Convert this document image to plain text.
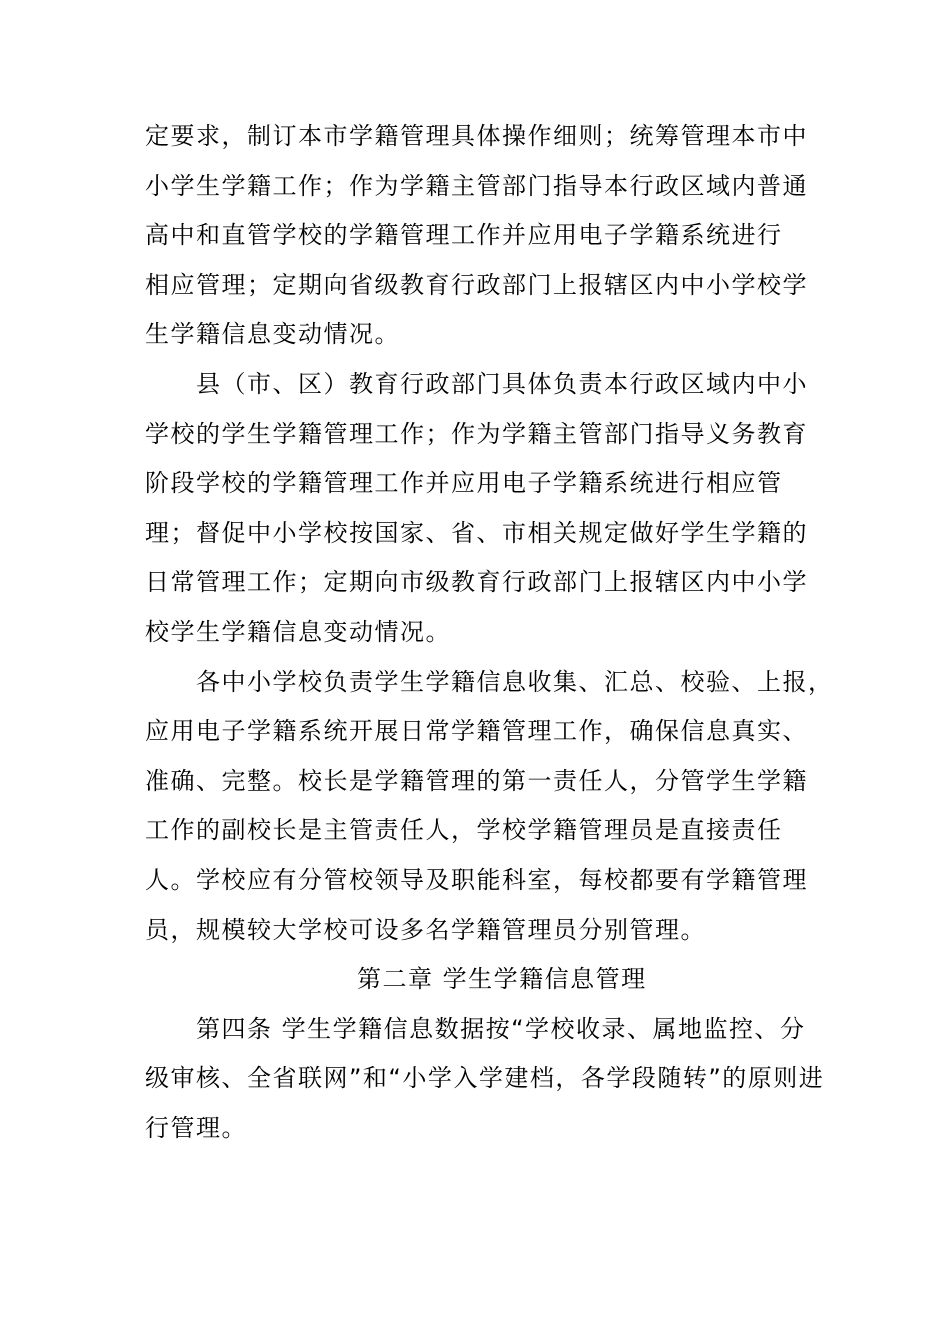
定要求，制订本市学籍管理具体操作细则；统筹管理本市中
小学生学籍工作；作为学籍主管部门指导本行政区域内普通
高中和直管学校的学籍管理工作并应用电子学籍系统进行
相应管理；定期向省级教育行政部门上报辖区内中小学校学
生学籍信息变动情况。
县（市、区）教育行政部门具体负责本行政区域内中小
学校的学生学籍管理工作；作为学籍主管部门指导义务教育
阶段学校的学籍管理工作并应用电子学籍系统进行相应管
理；督促中小学校按国家、省、市相关规定做好学生学籍的
日常管理工作；定期向市级教育行政部门上报辖区内中小学
校学生学籍信息变动情况。
各中小学校负责学生学籍信息收集、汇总、校验、上报，
应用电子学籍系统开展日常学籍管理工作，确保信息真实、
准确、完整。校长是学籍管理的第一责任人，分管学生学籍
工作的副校长是主管责任人，学校学籍管理员是直接责任
人。学校应有分管校领导及职能科室，每校都要有学籍管理
员，规模较大学校可设多名学籍管理员分别管理。
第二章 学生学籍信息管理
第四条 学生学籍信息数据按“学校收录、属地监控、分
级审核、全省联网”和“小学入学建档，各学段随转”的原则进
行管理。
